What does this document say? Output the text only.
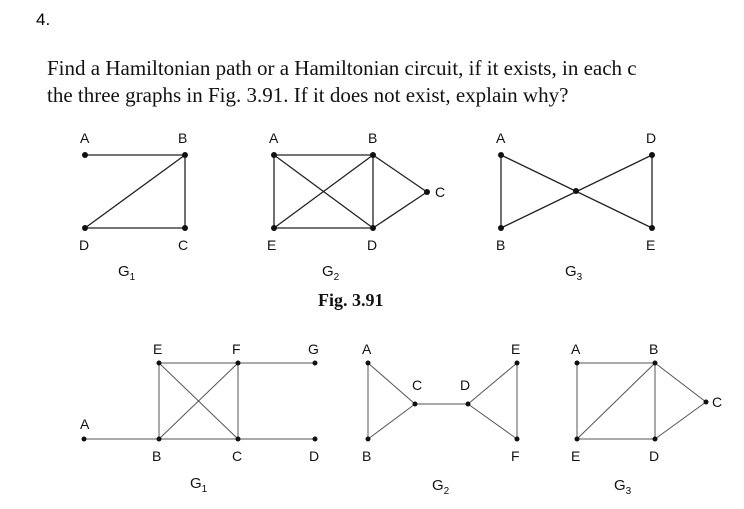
4.
Find a Hamiltonian path or a Hamiltonian circuit, if it exists, in each c
the three graphs in Fig. 3.91. If it does not exist, explain why?
A	B
D	C
$G_1$
A	B
C
E	D
$G_2$
A	D
B	E
$G_3$
Fig. 3.91
E	F	G
A
B	C	D
$G_1$
A	E
C	D
B	F
$G_2$
A	B
C
E	D
$G_3$
